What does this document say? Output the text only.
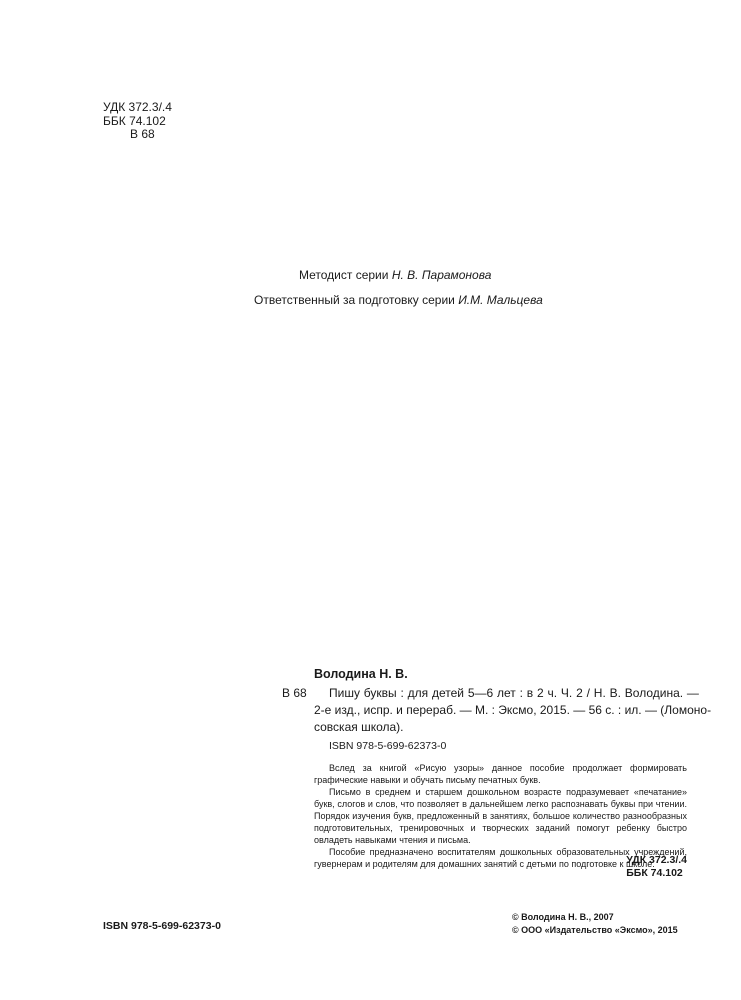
УДК 372.3/.4
ББК 74.102
В 68
Методист серии Н. В. Парамонова
Ответственный за подготовку серии И.М. Мальцева
Володина Н. В.
В 68 Пишу буквы : для детей 5—6 лет : в 2 ч. Ч. 2 / Н. В. Володина. —
2-е изд., испр. и перераб. — М. : Эксмо, 2015. — 56 с. : ил. — (Ломоно-
совская школа).
ISBN 978-5-699-62373-0

Вслед за книгой «Рисую узоры» данное пособие продолжает формировать графические навыки и обучать письму печатных букв.

Письмо в среднем и старшем дошкольном возрасте подразумевает «печатание» букв, слогов и слов, что позволяет в дальнейшем легко распознавать буквы при чтении. Порядок изучения букв, предложенный в занятиях, большое количество разнообразных подготовительных, тренировочных и творческих заданий помогут ребенку быстро овладеть навыками чтения и письма.

Пособие предназначено воспитателям дошкольных образовательных учреждений, гувернерам и родителям для домашних занятий с детьми по подготовке к школе.

УДК 372.3/.4
ББК 74.102
ISBN 978-5-699-62373-0
© Володина Н. В., 2007
© ООО «Издательство «Эксмо», 2015
